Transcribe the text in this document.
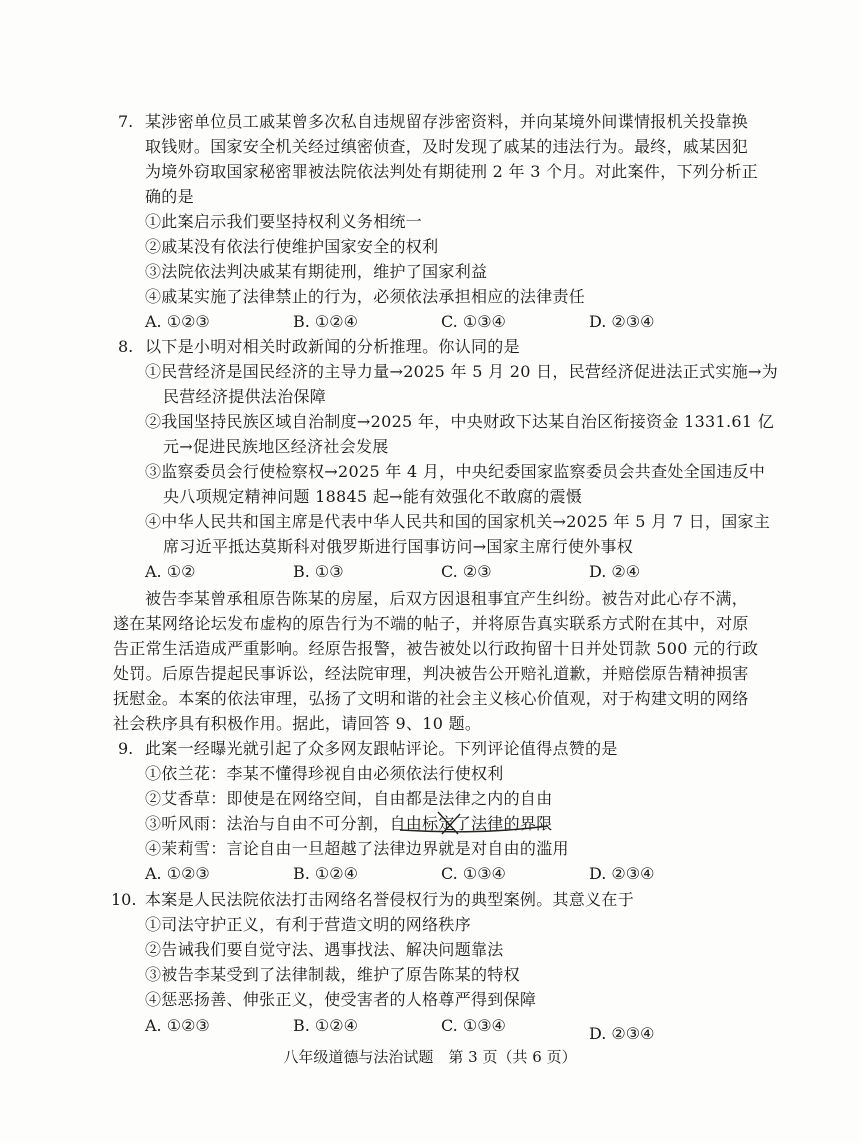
7. 某涉密单位员工戚某曾多次私自违规留存涉密资料，并向某境外间谍情报机关投靠换
取钱财。国家安全机关经过缜密侦查，及时发现了戚某的违法行为。最终，戚某因犯
为境外窃取国家秘密罪被法院依法判处有期徒刑 2 年 3 个月。对此案件，下列分析正
确的是
①此案启示我们要坚持权利义务相统一
②戚某没有依法行使维护国家安全的权利
③法院依法判决戚某有期徒刑，维护了国家利益
④戚某实施了法律禁止的行为，必须依法承担相应的法律责任
A. ①②③	B. ①②④	C. ①③④	D. ②③④
8. 以下是小明对相关时政新闻的分析推理。你认同的是
①民营经济是国民经济的主导力量→2025 年 5 月 20 日，民营经济促进法正式实施→为
民营经济提供法治保障
②我国坚持民族区域自治制度→2025 年，中央财政下达某自治区衔接资金 1331.61 亿
元→促进民族地区经济社会发展
③监察委员会行使检察权→2025 年 4 月，中央纪委国家监察委员会共查处全国违反中
央八项规定精神问题 18845 起→能有效强化不敢腐的震慑
④中华人民共和国主席是代表中华人民共和国的国家机关→2025 年 5 月 7 日，国家主
席习近平抵达莫斯科对俄罗斯进行国事访问→国家主席行使外事权
A. ①②	B. ①③	C. ②③	D. ②④
被告李某曾承租原告陈某的房屋，后双方因退租事宜产生纠纷。被告对此心存不满，
遂在某网络论坛发布虚构的原告行为不端的帖子，并将原告真实联系方式附在其中，对原
告正常生活造成严重影响。经原告报警，被告被处以行政拘留十日并处罚款 500 元的行政
处罚。后原告提起民事诉讼，经法院审理，判决被告公开赔礼道歉，并赔偿原告精神损害
抚慰金。本案的依法审理，弘扬了文明和谐的社会主义核心价值观，对于构建文明的网络
社会秩序具有积极作用。据此，请回答 9、10 题。
9. 此案一经曝光就引起了众多网友跟帖评论。下列评论值得点赞的是
①依兰花：李某不懂得珍视自由必须依法行使权利
②艾香草：即使是在网络空间，自由都是法律之内的自由
③听风雨：法治与自由不可分割，自由标定了法律的界限
④茉莉雪：言论自由一旦超越了法律边界就是对自由的滥用
A. ①②③	B. ①②④	C. ①③④	D. ②③④
10. 本案是人民法院依法打击网络名誉侵权行为的典型案例。其意义在于
①司法守护正义，有利于营造文明的网络秩序
②告诫我们要自觉守法、遇事找法、解决问题靠法
③被告李某受到了法律制裁，维护了原告陈某的特权
④惩恶扬善、伸张正义，使受害者的人格尊严得到保障
A. ①②③	B. ①②④	C. ①③④	D. ②③④
八年级道德与法治试题　第 3 页（共 6 页）
